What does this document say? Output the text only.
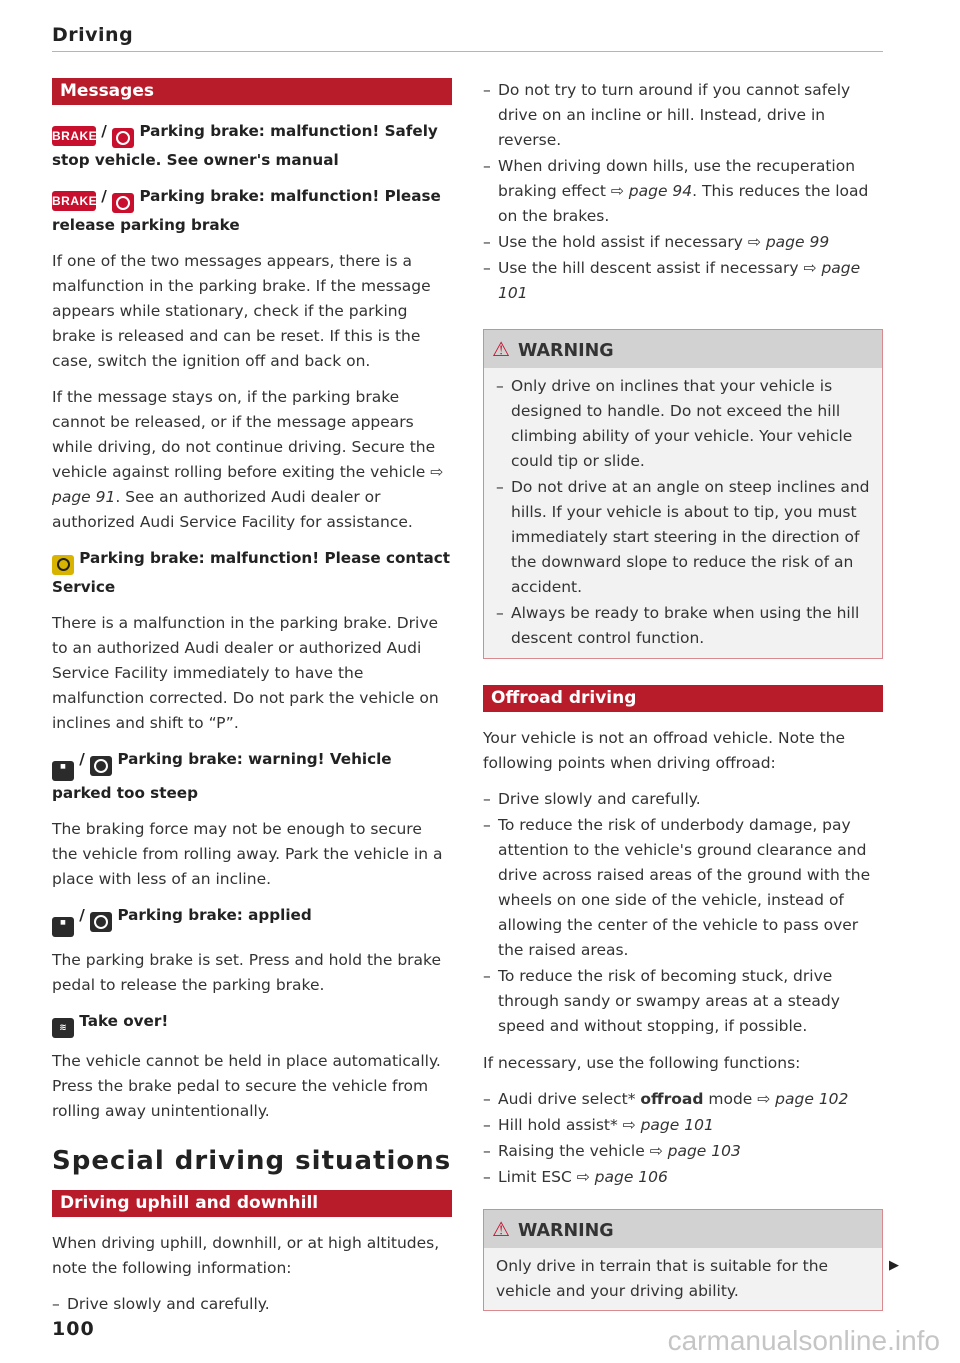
Driving
Messages
BRAKE / Parking brake: malfunction! Safely stop vehicle. See owner's manual
BRAKE / Parking brake: malfunction! Please release parking brake
If one of the two messages appears, there is a malfunction in the parking brake. If the message appears while stationary, check if the parking brake is released and can be reset. If this is the case, switch the ignition off and back on.
If the message stays on, if the parking brake cannot be released, or if the message appears while driving, do not continue driving. Secure the vehicle against rolling before exiting the vehicle ⇨ page 91. See an authorized Audi dealer or authorized Audi Service Facility for assistance.
Parking brake: malfunction! Please contact Service
There is a malfunction in the parking brake. Drive to an authorized Audi dealer or authorized Audi Service Facility immediately to have the malfunction corrected. Do not park the vehicle on inclines and shift to “P”.
■ / Parking brake: warning! Vehicle parked too steep
The braking force may not be enough to secure the vehicle from rolling away. Park the vehicle in a place with less of an incline.
■ / Parking brake: applied
The parking brake is set. Press and hold the brake pedal to release the parking brake.
≋ Take over!
The vehicle cannot be held in place automatically. Press the brake pedal to secure the vehicle from rolling away unintentionally.
Special driving situations
Driving uphill and downhill
When driving uphill, downhill, or at high altitudes, note the following information:
– Drive slowly and carefully.
– Do not try to turn around if you cannot safely drive on an incline or hill. Instead, drive in reverse.
– When driving down hills, use the recuperation braking effect ⇨ page 94. This reduces the load on the brakes.
– Use the hold assist if necessary ⇨ page 99
– Use the hill descent assist if necessary ⇨ page 101
⚠ WARNING
– Only drive on inclines that your vehicle is designed to handle. Do not exceed the hill climbing ability of your vehicle. Your vehicle could tip or slide.
– Do not drive at an angle on steep inclines and hills. If your vehicle is about to tip, you must immediately start steering in the direction of the downward slope to reduce the risk of an accident.
– Always be ready to brake when using the hill descent control function.
Offroad driving
Your vehicle is not an offroad vehicle. Note the following points when driving offroad:
– Drive slowly and carefully.
– To reduce the risk of underbody damage, pay attention to the vehicle's ground clearance and drive across raised areas of the ground with the wheels on one side of the vehicle, instead of allowing the center of the vehicle to pass over the raised areas.
– To reduce the risk of becoming stuck, drive through sandy or swampy areas at a steady speed and without stopping, if possible.
If necessary, use the following functions:
– Audi drive select* offroad mode ⇨ page 102
– Hill hold assist* ⇨ page 101
– Raising the vehicle ⇨ page 103
– Limit ESC ⇨ page 106
⚠ WARNING
Only drive in terrain that is suitable for the vehicle and your driving ability.
▶
100	carmanualsonline.info
